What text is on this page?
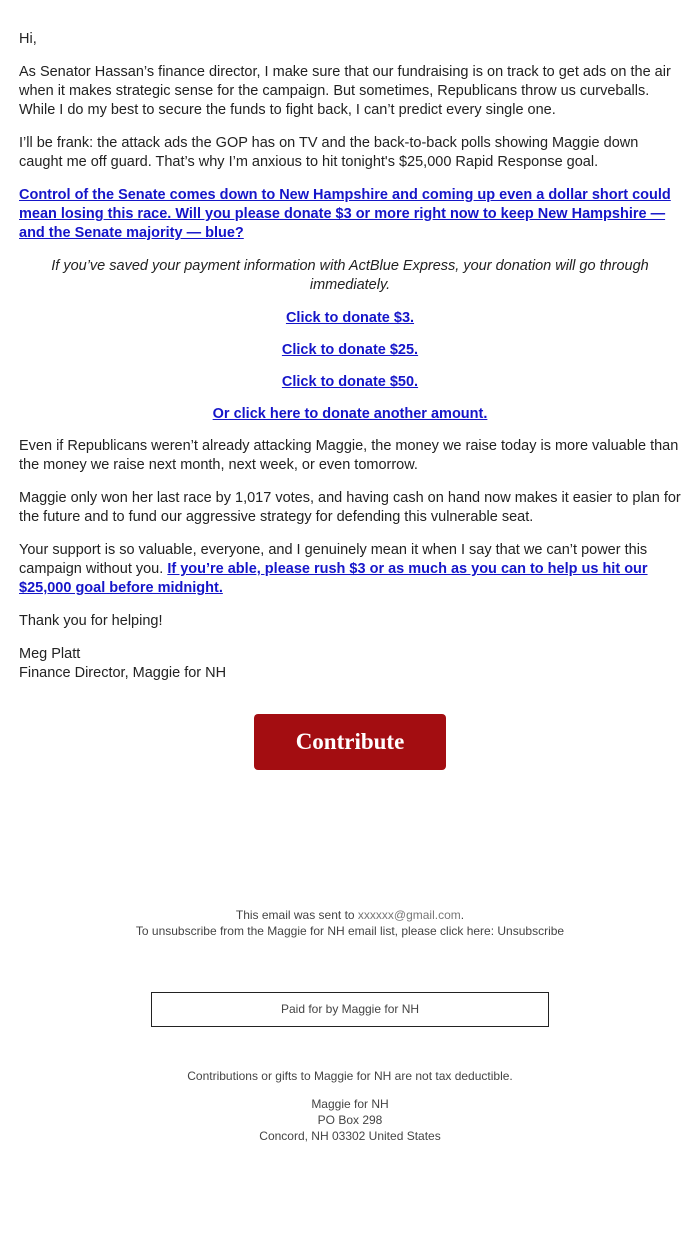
Hi,

As Senator Hassan’s finance director, I make sure that our fundraising is on track to get ads on the air when it makes strategic sense for the campaign. But sometimes, Republicans throw us curveballs. While I do my best to secure the funds to fight back, I can’t predict every single one.

I’ll be frank: the attack ads the GOP has on TV and the back-to-back polls showing Maggie down caught me off guard. That’s why I’m anxious to hit tonight's $25,000 Rapid Response goal.

Control of the Senate comes down to New Hampshire and coming up even a dollar short could mean losing this race. Will you please donate $3 or more right now to keep New Hampshire — and the Senate majority — blue?

If you’ve saved your payment information with ActBlue Express, your donation will go through immediately.

Click to donate $3.

Click to donate $25.

Click to donate $50.

Or click here to donate another amount.

Even if Republicans weren’t already attacking Maggie, the money we raise today is more valuable than the money we raise next month, next week, or even tomorrow.

Maggie only won her last race by 1,017 votes, and having cash on hand now makes it easier to plan for the future and to fund our aggressive strategy for defending this vulnerable seat.

Your support is so valuable, everyone, and I genuinely mean it when I say that we can’t power this campaign without you. If you’re able, please rush $3 or as much as you can to help us hit our $25,000 goal before midnight.

Thank you for helping!

Meg Platt
Finance Director, Maggie for NH

Contribute
This email was sent to xxxxxx@gmail.com.
To unsubscribe from the Maggie for NH email list, please click here: Unsubscribe
Paid for by Maggie for NH
Contributions or gifts to Maggie for NH are not tax deductible.
Maggie for NH
PO Box 298
Concord, NH 03302 United States
